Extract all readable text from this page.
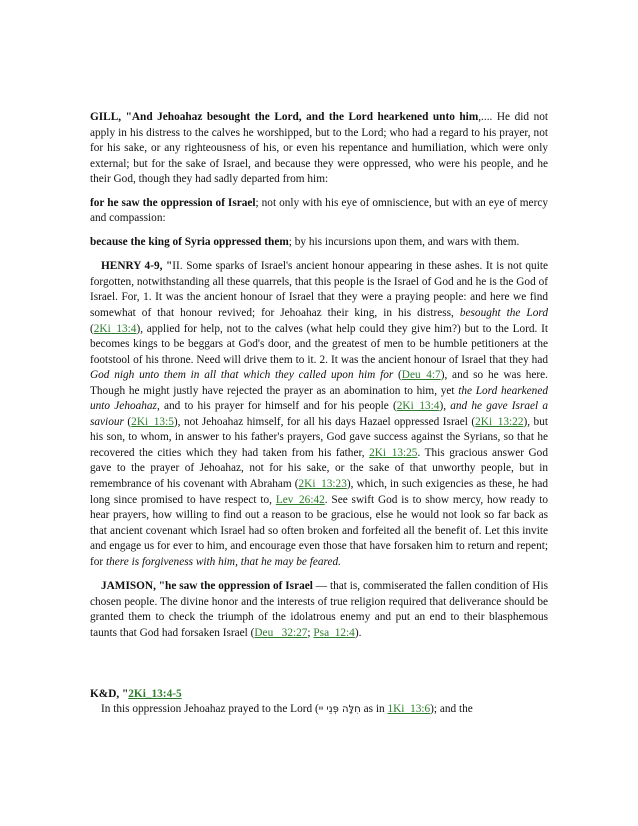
GILL, "And Jehoahaz besought the Lord, and the Lord hearkened unto him,.... He did not apply in his distress to the calves he worshipped, but to the Lord; who had a regard to his prayer, not for his sake, or any righteousness of his, or even his repentance and humiliation, which were only external; but for the sake of Israel, and because they were oppressed, who were his people, and he their God, though they had sadly departed from him:

for he saw the oppression of Israel; not only with his eye of omniscience, but with an eye of mercy and compassion:

because the king of Syria oppressed them; by his incursions upon them, and wars with them.

HENRY 4-9, "II. Some sparks of Israel's ancient honour appearing in these ashes. It is not quite forgotten, notwithstanding all these quarrels, that this people is the Israel of God and he is the God of Israel. For, 1. It was the ancient honour of Israel that they were a praying people: and here we find somewhat of that honour revived; for Jehoahaz their king, in his distress, besought the Lord (2Ki_13:4), applied for help, not to the calves (what help could they give him?) but to the Lord. It becomes kings to be beggars at God's door, and the greatest of men to be humble petitioners at the footstool of his throne. Need will drive them to it. 2. It was the ancient honour of Israel that they had God nigh unto them in all that which they called upon him for (Deu_4:7), and so he was here. Though he might justly have rejected the prayer as an abomination to him, yet the Lord hearkened unto Jehoahaz, and to his prayer for himself and for his people (2Ki_13:4), and he gave Israel a saviour (2Ki_13:5), not Jehoahaz himself, for all his days Hazael oppressed Israel (2Ki_13:22), but his son, to whom, in answer to his father's prayers, God gave success against the Syrians, so that he recovered the cities which they had taken from his father, 2Ki_13:25. This gracious answer God gave to the prayer of Jehoahaz, not for his sake, or the sake of that unworthy people, but in remembrance of his covenant with Abraham (2Ki_13:23), which, in such exigencies as these, he had long since promised to have respect to, Lev_26:42. See swift God is to show mercy, how ready to hear prayers, how willing to find out a reason to be gracious, else he would not look so far back as that ancient covenant which Israel had so often broken and forfeited all the benefit of. Let this invite and engage us for ever to him, and encourage even those that have forsaken him to return and repent; for there is forgiveness with him, that he may be feared.

JAMISON, "he saw the oppression of Israel — that is, commiserated the fallen condition of His chosen people. The divine honor and the interests of true religion required that deliverance should be granted them to check the triumph of the idolatrous enemy and put an end to their blasphemous taunts that God had forsaken Israel (Deu_ 32:27; Psa_12:4).

K&D, "2Ki_13:4-5

In this oppression Jehoahaz prayed to the Lord (חִלָּה פְּנֵי יי as in 1Ki_13:6); and the
